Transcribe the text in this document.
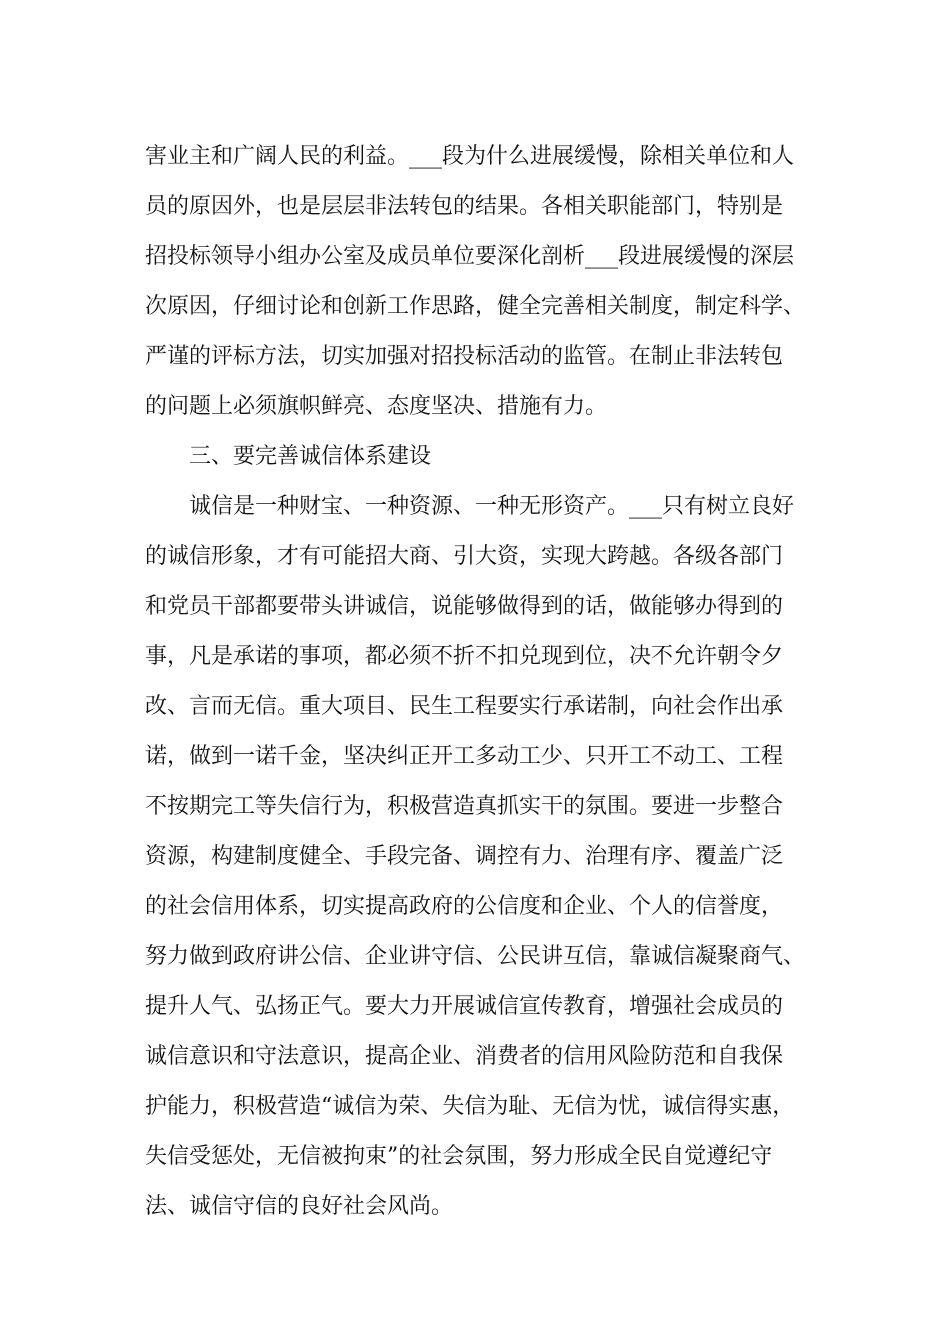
害业主和广阔人民的利益。___段为什么进展缓慢，除相关单位和人
员的原因外，也是层层非法转包的结果。各相关职能部门，特别是
招投标领导小组办公室及成员单位要深化剖析___段进展缓慢的深层
次原因，仔细讨论和创新工作思路，健全完善相关制度，制定科学、
严谨的评标方法，切实加强对招投标活动的监管。在制止非法转包
的问题上必须旗帜鲜亮、态度坚决、措施有力。
三、要完善诚信体系建设
诚信是一种财宝、一种资源、一种无形资产。___只有树立良好
的诚信形象，才有可能招大商、引大资，实现大跨越。各级各部门
和党员干部都要带头讲诚信，说能够做得到的话，做能够办得到的
事，凡是承诺的事项，都必须不折不扣兑现到位，决不允许朝令夕
改、言而无信。重大项目、民生工程要实行承诺制，向社会作出承
诺，做到一诺千金，坚决纠正开工多动工少、只开工不动工、工程
不按期完工等失信行为，积极营造真抓实干的氛围。要进一步整合
资源，构建制度健全、手段完备、调控有力、治理有序、覆盖广泛
的社会信用体系，切实提高政府的公信度和企业、个人的信誉度，
努力做到政府讲公信、企业讲守信、公民讲互信，靠诚信凝聚商气、
提升人气、弘扬正气。要大力开展诚信宣传教育，增强社会成员的
诚信意识和守法意识，提高企业、消费者的信用风险防范和自我保
护能力，积极营造“诚信为荣、失信为耻、无信为忧，诚信得实惠，
失信受惩处，无信被拘束”的社会氛围，努力形成全民自觉遵纪守
法、诚信守信的良好社会风尚。
